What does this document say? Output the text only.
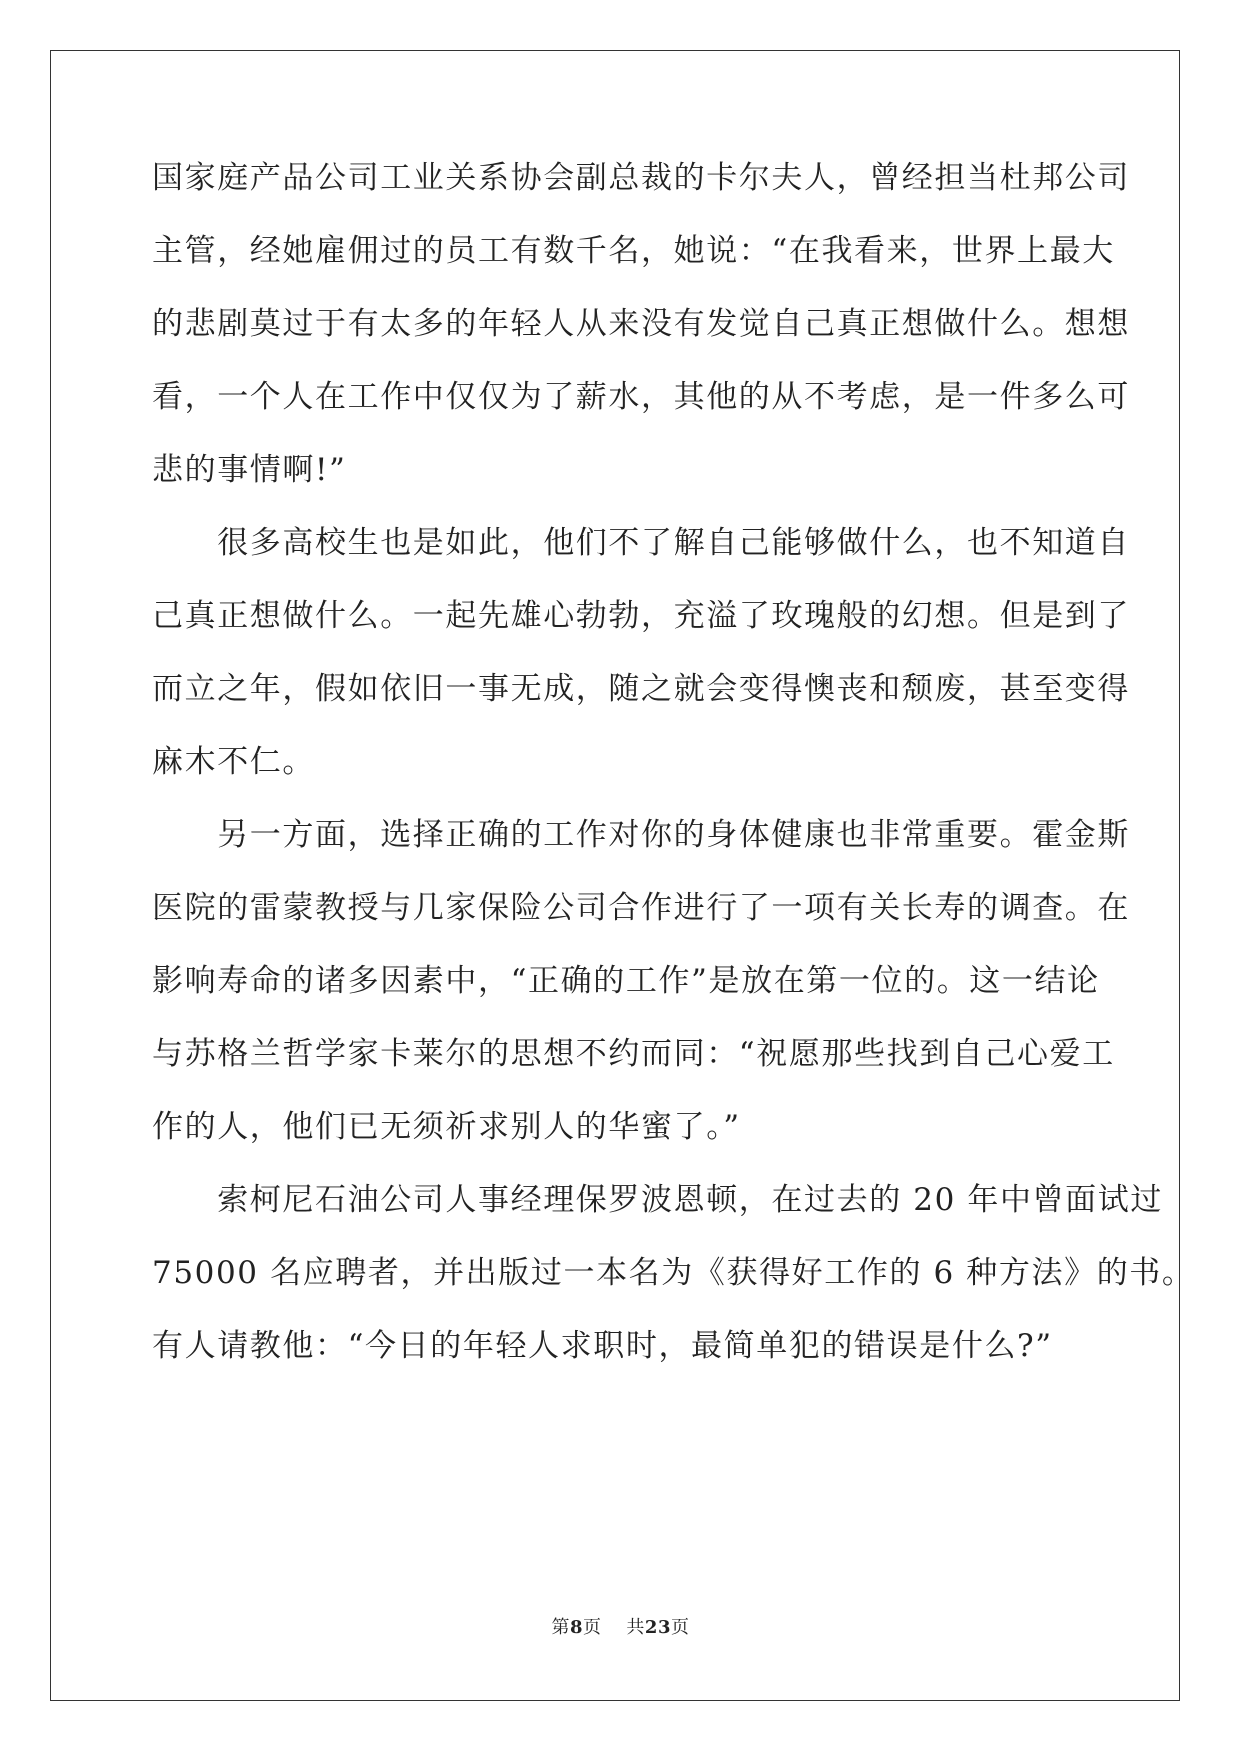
国家庭产品公司工业关系协会副总裁的卡尔夫人，曾经担当杜邦公司
主管，经她雇佣过的员工有数千名，她说：“在我看来，世界上最大
的悲剧莫过于有太多的年轻人从来没有发觉自己真正想做什么。想想
看，一个人在工作中仅仅为了薪水，其他的从不考虑，是一件多么可
悲的事情啊!”
　　很多高校生也是如此，他们不了解自己能够做什么，也不知道自
己真正想做什么。一起先雄心勃勃，充溢了玫瑰般的幻想。但是到了
而立之年，假如依旧一事无成，随之就会变得懊丧和颓废，甚至变得
麻木不仁。
　　另一方面，选择正确的工作对你的身体健康也非常重要。霍金斯
医院的雷蒙教授与几家保险公司合作进行了一项有关长寿的调查。在
影响寿命的诸多因素中，“正确的工作”是放在第一位的。这一结论
与苏格兰哲学家卡莱尔的思想不约而同：“祝愿那些找到自己心爱工
作的人，他们已无须祈求别人的华蜜了。”
　　索柯尼石油公司人事经理保罗波恩顿，在过去的 20 年中曾面试过
75000 名应聘者，并出版过一本名为《获得好工作的 6 种方法》的书。
有人请教他：“今日的年轻人求职时，最简单犯的错误是什么?”
第8页 共23页
